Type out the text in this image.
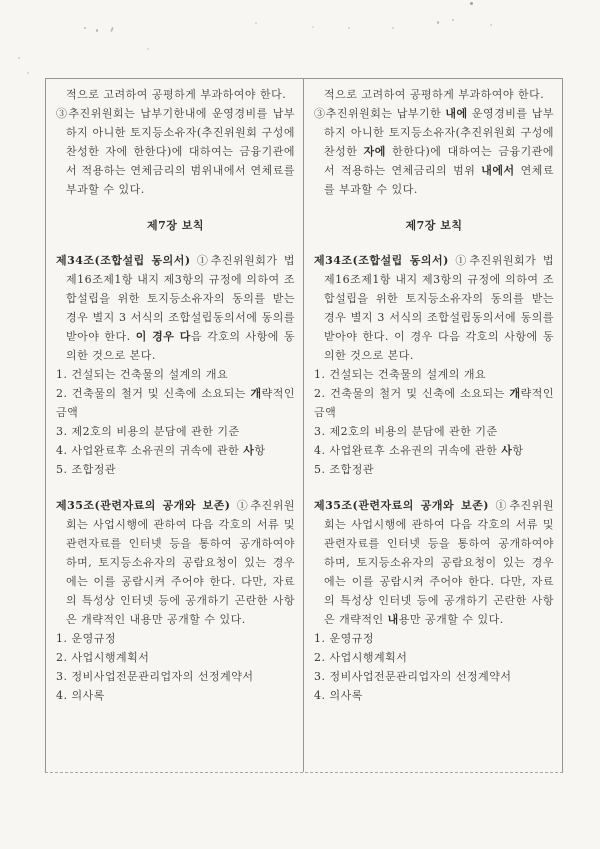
적으로 고려하여 공평하게 부과하여야 한다.
③추진위원회는 납부기한내에 운영경비를 납부하지 아니한 토지등소유자(추진위원회 구성에 찬성한 자에 한한다)에 대하여는 금융기관에서 적용하는 연체금리의 범위내에서 연체료를 부과할 수 있다.
제7장 보칙
제34조(조합설립 동의서) ①추진위원회가 법 제16조제1항 내지 제3항의 규정에 의하여 조합설립을 위한 토지등소유자의 동의를 받는 경우 별지 3 서식의 조합설립동의서에 동의를 받아야 한다. 이 경우 다음 각호의 사항에 동의한 것으로 본다.
1. 건설되는 건축물의 설계의 개요
2. 건축물의 철거 및 신축에 소요되는 개략적인 금액
3. 제2호의 비용의 분담에 관한 기준
4. 사업완료후 소유권의 귀속에 관한 사항
5. 조합정관
제35조(관련자료의 공개와 보존) ①추진위원회는 사업시행에 관하여 다음 각호의 서류 및 관련자료를 인터넷 등을 통하여 공개하여야 하며, 토지등소유자의 공람요청이 있는 경우에는 이를 공람시켜 주어야 한다. 다만, 자료의 특성상 인터넷 등에 공개하기 곤란한 사항은 개략적인 내용만 공개할 수 있다.
1. 운영규정
2. 사업시행계획서
3. 정비사업전문관리업자의 선정계약서
4. 의사록
적으로 고려하여 공평하게 부과하여야 한다.
③추진위원회는 납부기한 내에 운영경비를 납부하지 아니한 토지등소유자(추진위원회 구성에 찬성한 자에 한한다)에 대하여는 금융기관에서 적용하는 연체금리의 범위 내에서 연체료를 부과할 수 있다.
제7장 보칙
제34조(조합설립 동의서) ①추진위원회가 법 제16조제1항 내지 제3항의 규정에 의하여 조합설립을 위한 토지등소유자의 동의를 받는 경우 별지 3 서식의 조합설립동의서에 동의를 받아야 한다. 이 경우 다음 각호의 사항에 동의한 것으로 본다.
1. 건설되는 건축물의 설계의 개요
2. 건축물의 철거 및 신축에 소요되는 개략적인 금액
3. 제2호의 비용의 분담에 관한 기준
4. 사업완료후 소유권의 귀속에 관한 사항
5. 조합정관
제35조(관련자료의 공개와 보존) ①추진위원회는 사업시행에 관하여 다음 각호의 서류 및 관련자료를 인터넷 등을 통하여 공개하여야 하며, 토지등소유자의 공람요청이 있는 경우에는 이를 공람시켜 주어야 한다. 다만, 자료의 특성상 인터넷 등에 공개하기 곤란한 사항은 개략적인 내용만 공개할 수 있다.
1. 운영규정
2. 사업시행계획서
3. 정비사업전문관리업자의 선정계약서
4. 의사록
